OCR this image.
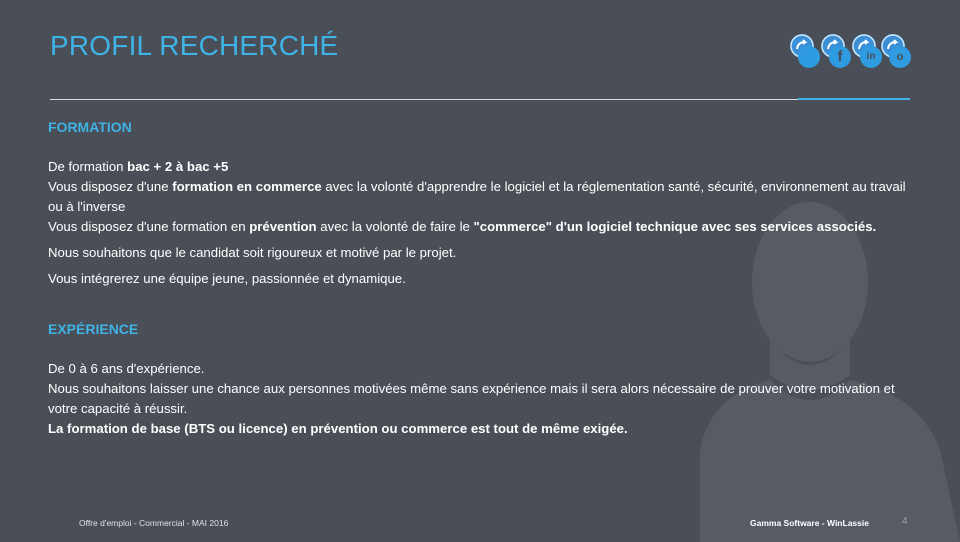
PROFIL RECHERCHÉ	f	in	o

FORMATION

De formation bac + 2 à bac +5
Vous disposez d'une formation en commerce avec la volonté d'apprendre le logiciel et la réglementation santé, sécurité, environnement au travail
ou à l'inverse
Vous disposez d'une formation en prévention avec la volonté de faire le "commerce" d'un logiciel technique avec ses services associés.

Nous souhaitons que le candidat soit rigoureux et motivé par le projet.

Vous intégrerez une équipe jeune, passionnée et dynamique.

EXPÉRIENCE

De 0 à 6 ans d'expérience.
Nous souhaitons laisser une chance aux personnes motivées même sans expérience mais il sera alors nécessaire de prouver votre motivation et votre capacité à réussir.
La formation de base (BTS ou licence) en prévention ou commerce est tout de même exigée.

Offre d'emploi - Commercial - MAI 2016	Gamma Software - WinLassie	4
